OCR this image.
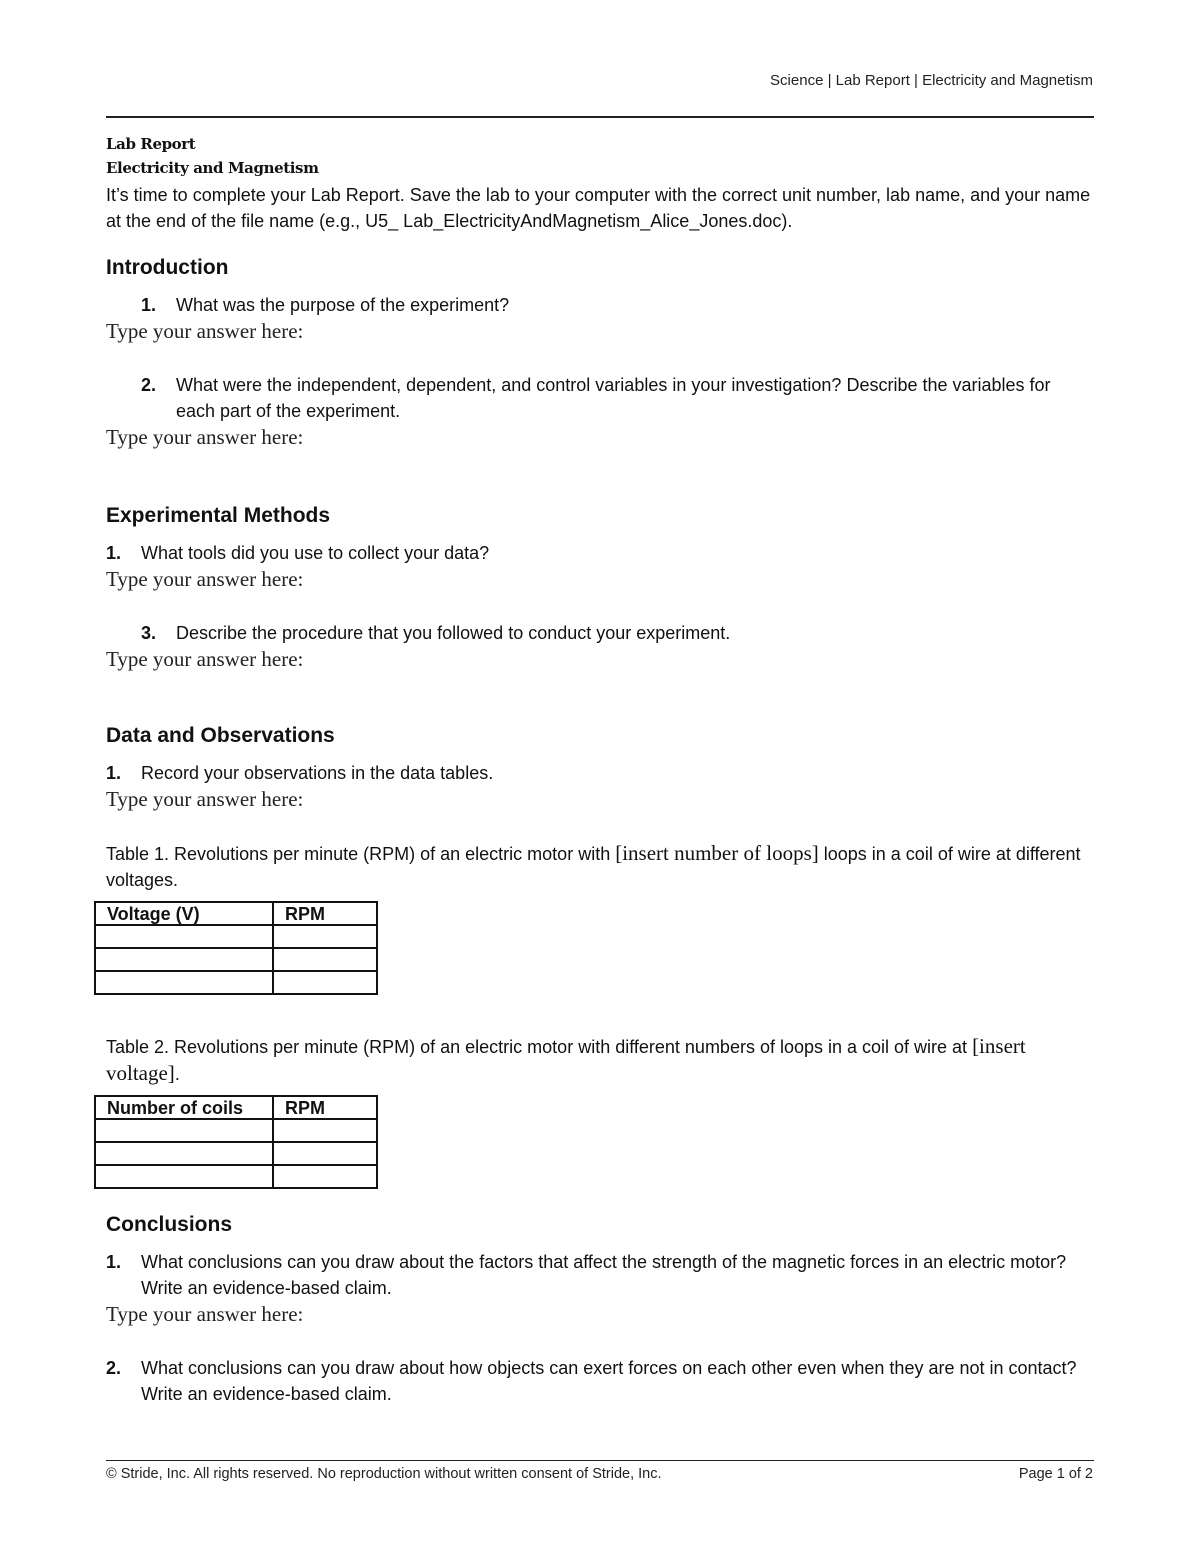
Science | Lab Report | Electricity and Magnetism
Lab Report
Electricity and Magnetism
It’s time to complete your Lab Report. Save the lab to your computer with the correct unit number, lab name, and your name at the end of the file name (e.g., U5_ Lab_ElectricityAndMagnetism_Alice_Jones.doc).
Introduction
1.	What was the purpose of the experiment?
Type your answer here:
2.	What were the independent, dependent, and control variables in your investigation? Describe the variables for each part of the experiment.
Type your answer here:
Experimental Methods
1.	What tools did you use to collect your data?
Type your answer here:
3.	Describe the procedure that you followed to conduct your experiment.
Type your answer here:
Data and Observations
1.	Record your observations in the data tables.
Type your answer here:
Table 1. Revolutions per minute (RPM) of an electric motor with [insert number of loops] loops in a coil of wire at different voltages.
Voltage (V)	RPM

Table 2. Revolutions per minute (RPM) of an electric motor with different numbers of loops in a coil of wire at [insert voltage].
Number of coils	RPM

Conclusions
1.	What conclusions can you draw about the factors that affect the strength of the magnetic forces in an electric motor? Write an evidence-based claim.
Type your answer here:
2.	What conclusions can you draw about how objects can exert forces on each other even when they are not in contact? Write an evidence-based claim.
© Stride, Inc. All rights reserved. No reproduction without written consent of Stride, Inc.	Page 1 of 2
